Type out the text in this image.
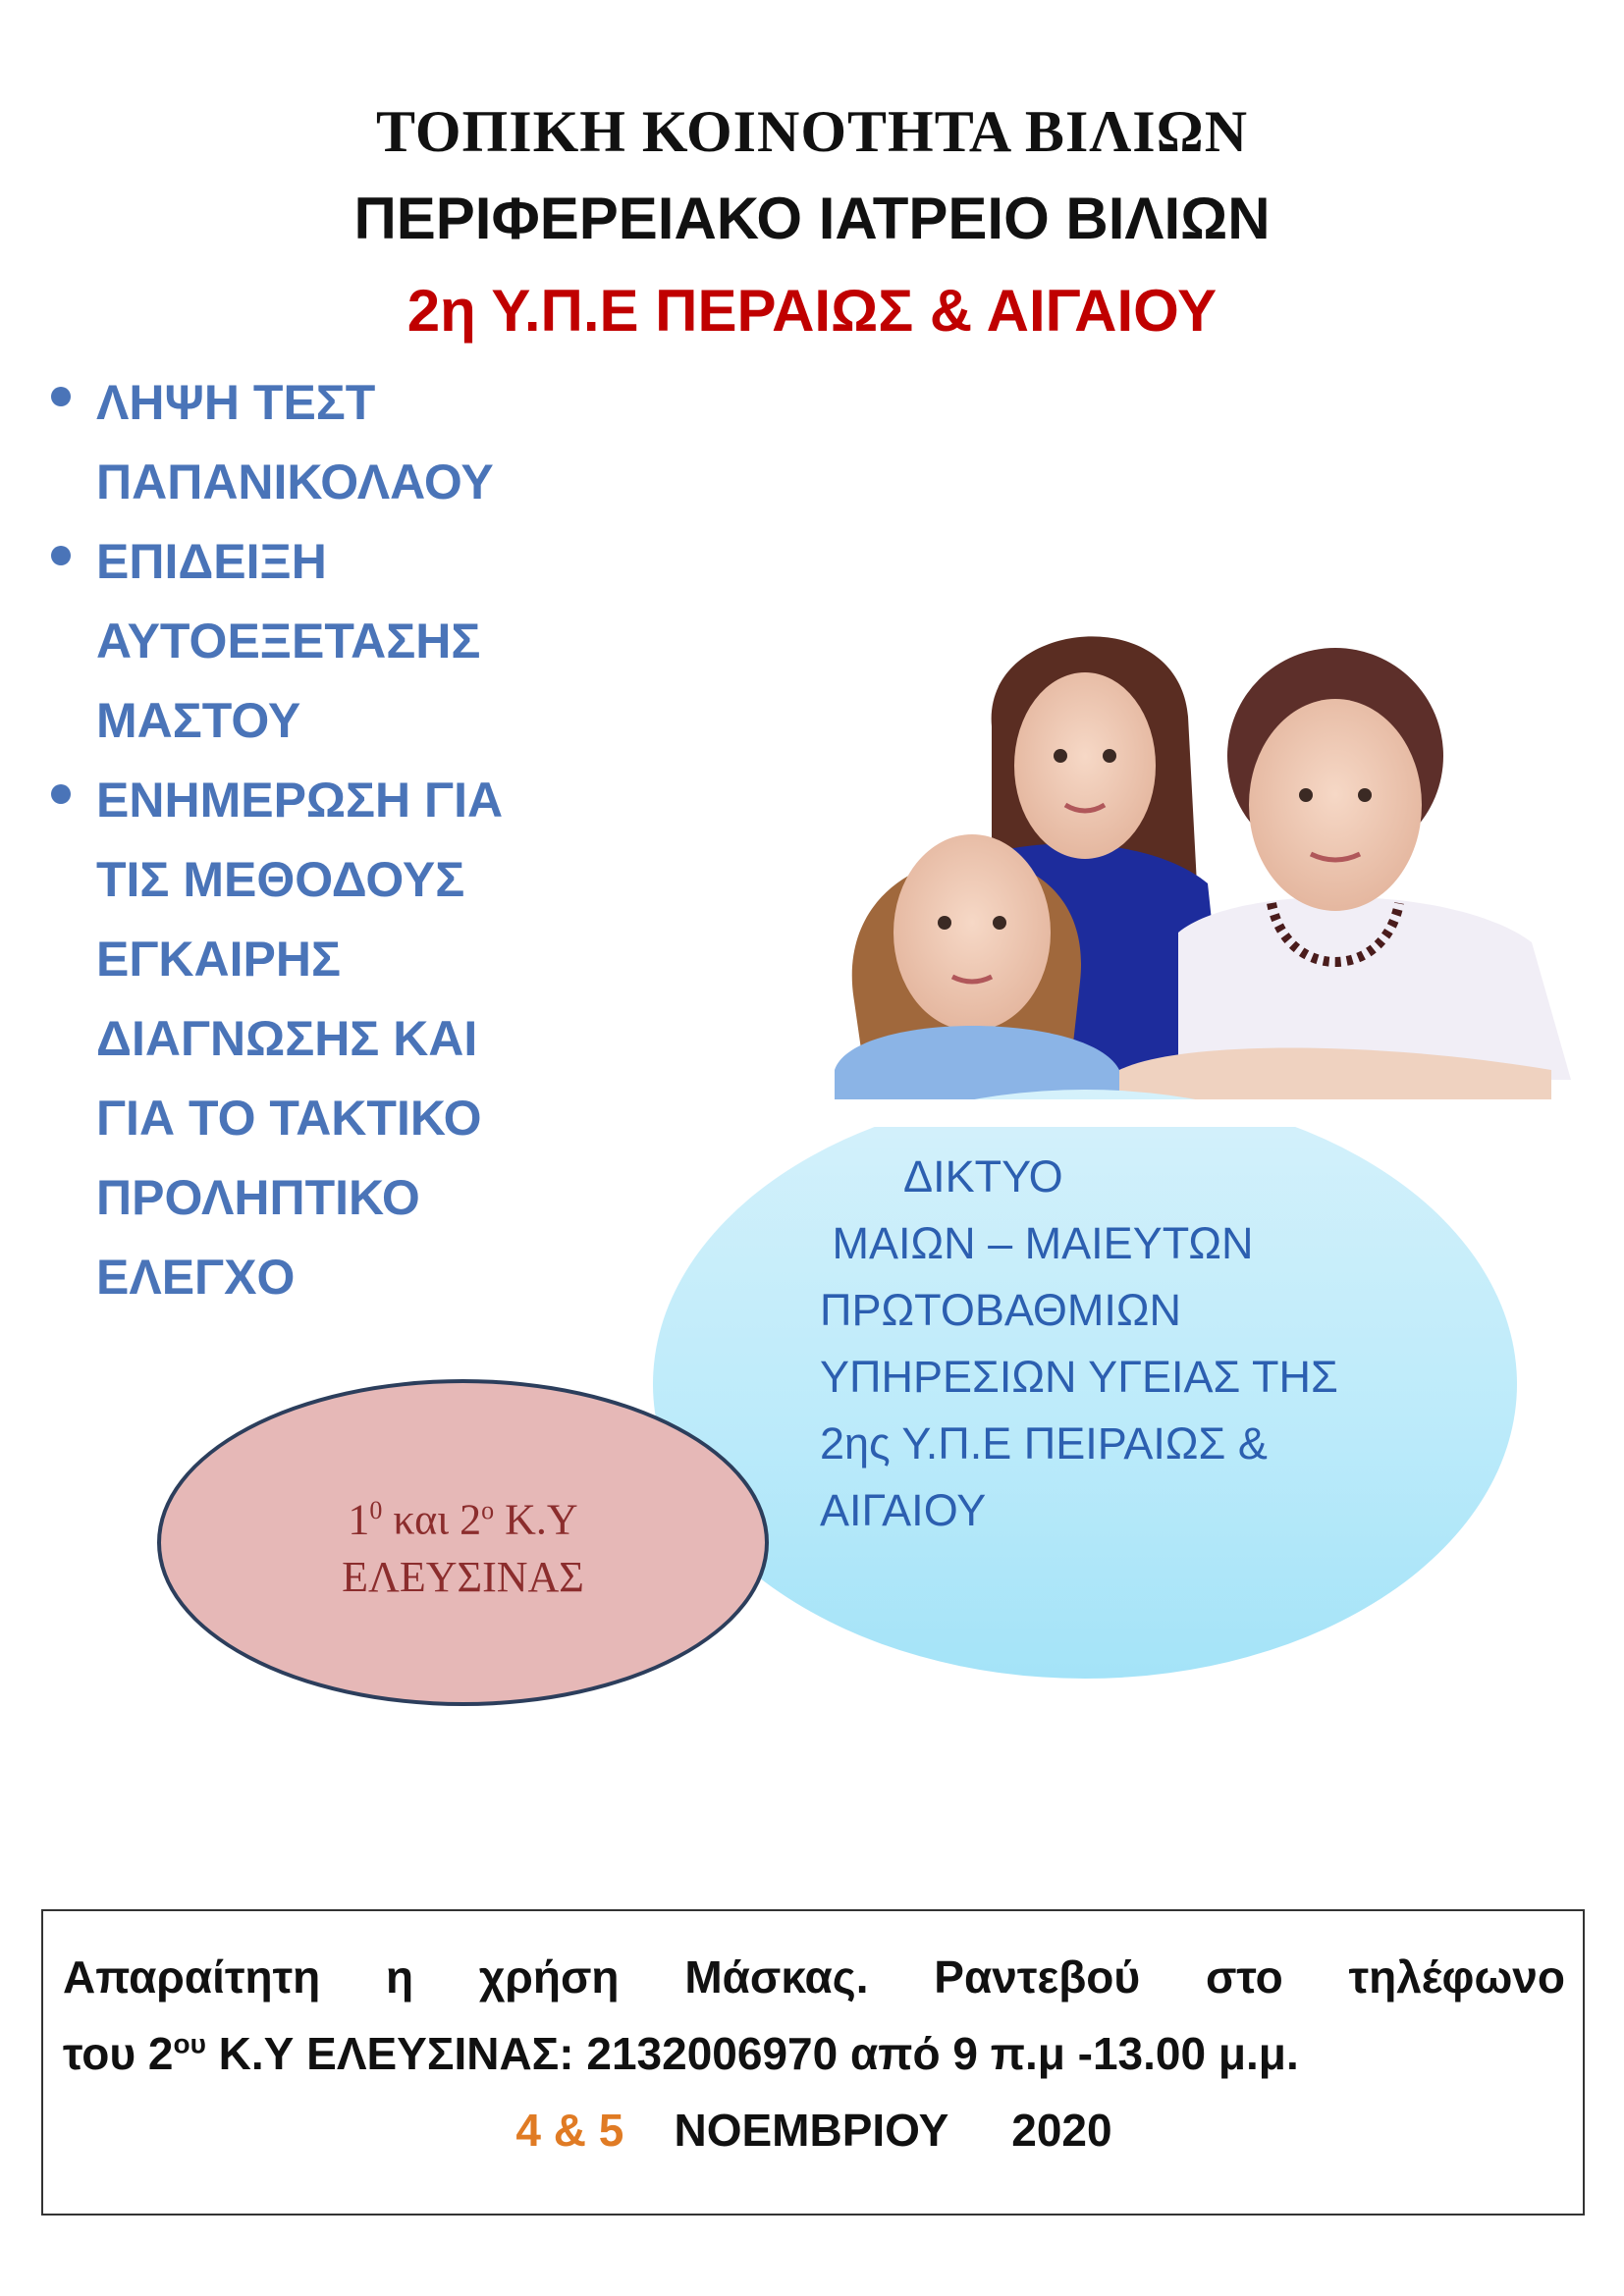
ΤΟΠΙΚΗ ΚΟΙΝΟΤΗΤΑ ΒΙΛΙΩΝ
ΠΕΡΙΦΕΡΕΙΑΚΟ ΙΑΤΡΕΙΟ ΒΙΛΙΩΝ
2η Υ.Π.Ε ΠΕΡΑΙΩΣ & ΑΙΓΑΙΟΥ
ΛΗΨΗ ΤΕΣΤ
ΠΑΠΑΝΙΚΟΛΑΟΥ
ΕΠΙΔΕΙΞΗ
ΑΥΤΟΕΞΕΤΑΣΗΣ
ΜΑΣΤΟΥ
ΕΝΗΜΕΡΩΣΗ ΓΙΑ
ΤΙΣ ΜΕΘΟΔΟΥΣ
ΕΓΚΑΙΡΗΣ
ΔΙΑΓΝΩΣΗΣ ΚΑΙ
ΓΙΑ ΤΟ ΤΑΚΤΙΚΟ
ΠΡΟΛΗΠΤΙΚΟ
ΕΛΕΓΧΟ
ΔΙΚΤΥΟ
ΜΑΙΩΝ – ΜΑΙΕΥΤΩΝ
ΠΡΩΤΟΒΑΘΜΙΩΝ
ΥΠΗΡΕΣΙΩΝ ΥΓΕΙΑΣ ΤΗΣ
2ης Υ.Π.Ε ΠΕΙΡΑΙΩΣ &
ΑΙΓΑΙΟΥ
$1^0$ και $2^o$ Κ.Υ
ΕΛΕΥΣΙΝΑΣ
Απαραίτητη η χρήση Μάσκας. Ραντεβού στο τηλέφωνο
του $2^{o\upsilon}$ Κ.Υ ΕΛΕΥΣΙΝΑΣ: 2132006970 από 9 π.μ -13.00 μ.μ.
4 & 5 ΝΟΕΜΒΡΙΟΥ 2020
